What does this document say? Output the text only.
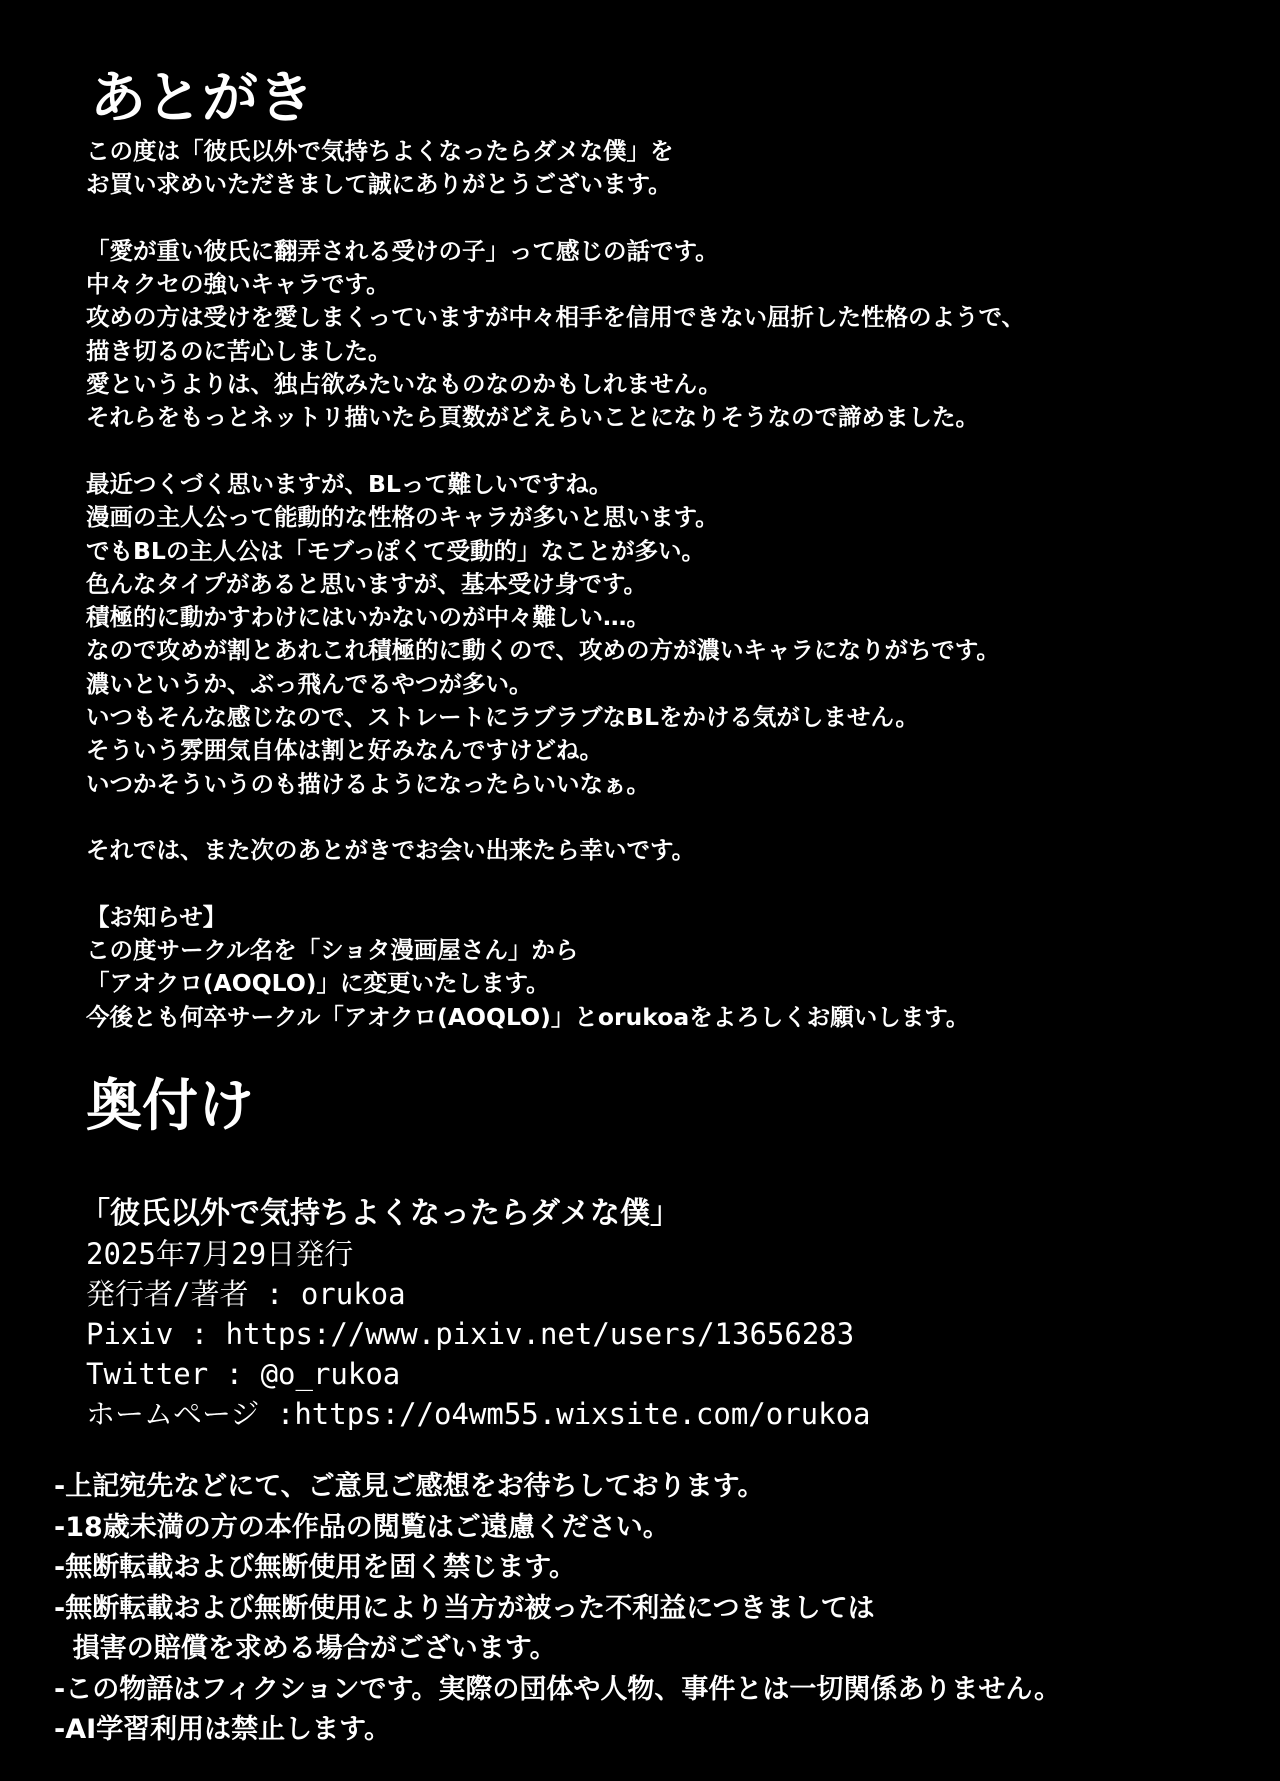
あとがき
この度は「彼氏以外で気持ちよくなったらダメな僕」を
お買い求めいただきまして誠にありがとうございます。
「愛が重い彼氏に翻弄される受けの子」って感じの話です。
中々クセの強いキャラです。
攻めの方は受けを愛しまくっていますが中々相手を信用できない屈折した性格のようで、
描き切るのに苦心しました。
愛というよりは、独占欲みたいなものなのかもしれません。
それらをもっとネットリ描いたら頁数がどえらいことになりそうなので諦めました。
最近つくづく思いますが、BLって難しいですね。
漫画の主人公って能動的な性格のキャラが多いと思います。
でもBLの主人公は「モブっぽくて受動的」なことが多い。
色んなタイプがあると思いますが、基本受け身です。
積極的に動かすわけにはいかないのが中々難しい…。
なので攻めが割とあれこれ積極的に動くので、攻めの方が濃いキャラになりがちです。
濃いというか、ぶっ飛んでるやつが多い。
いつもそんな感じなので、ストレートにラブラブなBLをかける気がしません。
そういう雰囲気自体は割と好みなんですけどね。
いつかそういうのも描けるようになったらいいなぁ。
それでは、また次のあとがきでお会い出来たら幸いです。
【お知らせ】
この度サークル名を「ショタ漫画屋さん」から
「アオクロ(AOQLO)」に変更いたします。
今後とも何卒サークル「アオクロ(AOQLO)」とorukoaをよろしくお願いします。
奥付け
「彼氏以外で気持ちよくなったらダメな僕」
2025年7月29日発行
発行者/著者 : orukoa
Pixiv : https://www.pixiv.net/users/13656283
Twitter : @o_rukoa
ホームページ :https://o4wm55.wixsite.com/orukoa
-上記宛先などにて、ご意見ご感想をお待ちしております。
-18歳未満の方の本作品の閲覧はご遠慮ください。
-無断転載および無断使用を固く禁じます。
-無断転載および無断使用により当方が被った不利益につきましては
損害の賠償を求める場合がございます。
-この物語はフィクションです。実際の団体や人物、事件とは一切関係ありません。
-AI学習利用は禁止します。
